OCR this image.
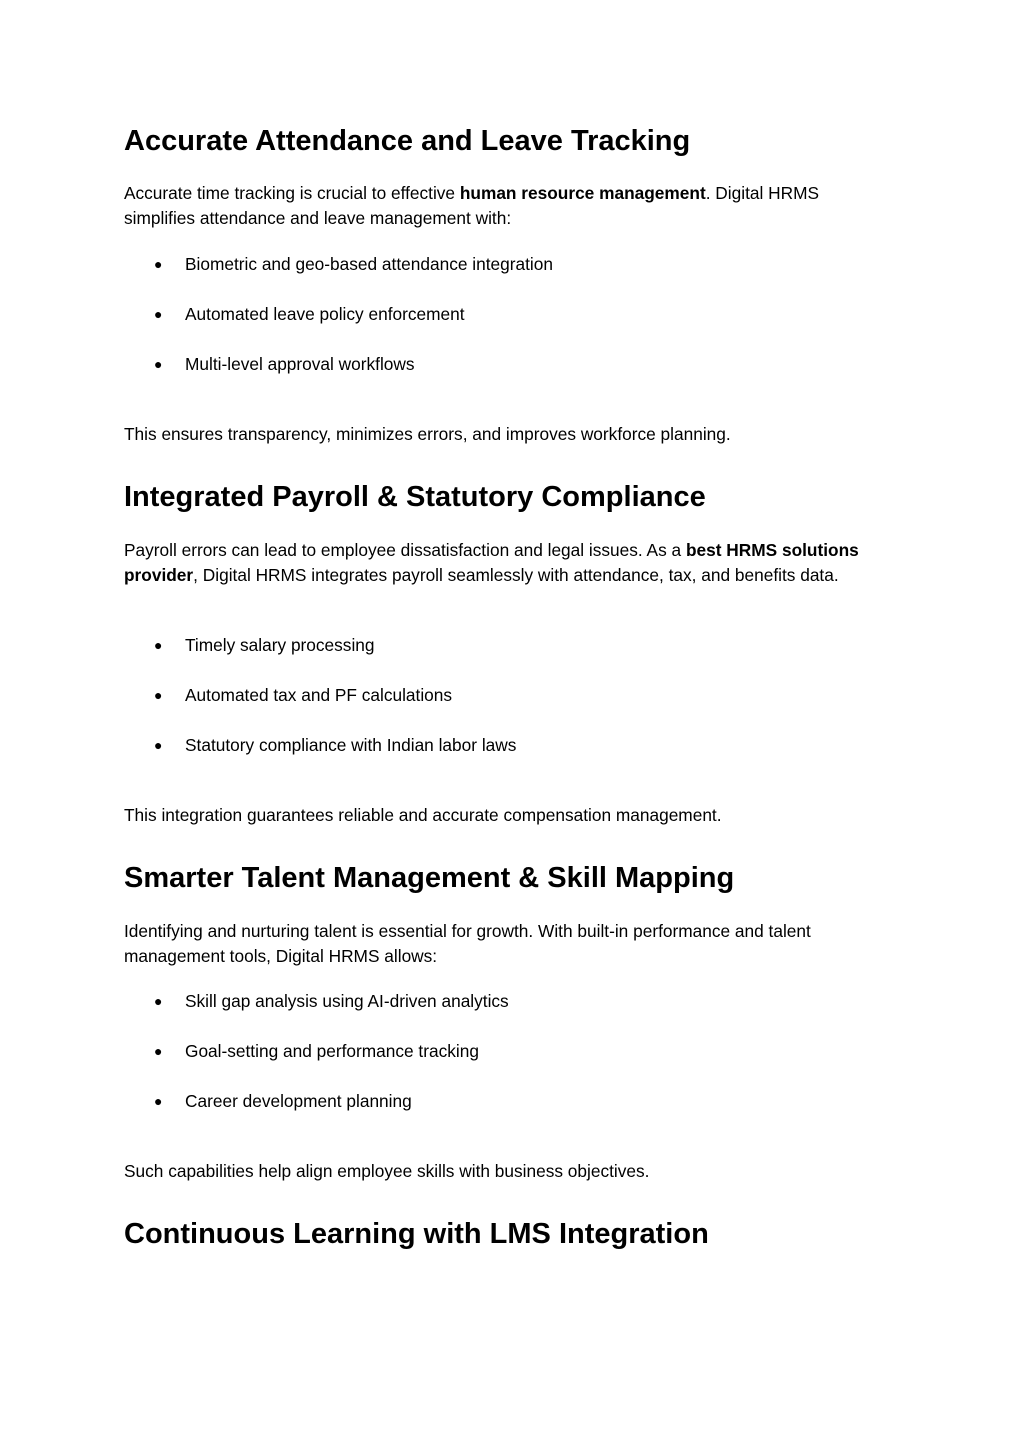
Accurate Attendance and Leave Tracking

Accurate time tracking is crucial to effective human resource management. Digital HRMS simplifies attendance and leave management with:

● Biometric and geo-based attendance integration
● Automated leave policy enforcement
● Multi-level approval workflows

This ensures transparency, minimizes errors, and improves workforce planning.

Integrated Payroll & Statutory Compliance

Payroll errors can lead to employee dissatisfaction and legal issues. As a best HRMS solutions provider, Digital HRMS integrates payroll seamlessly with attendance, tax, and benefits data.

● Timely salary processing
● Automated tax and PF calculations
● Statutory compliance with Indian labor laws

This integration guarantees reliable and accurate compensation management.

Smarter Talent Management & Skill Mapping

Identifying and nurturing talent is essential for growth. With built-in performance and talent management tools, Digital HRMS allows:

● Skill gap analysis using AI-driven analytics
● Goal-setting and performance tracking
● Career development planning

Such capabilities help align employee skills with business objectives.

Continuous Learning with LMS Integration
